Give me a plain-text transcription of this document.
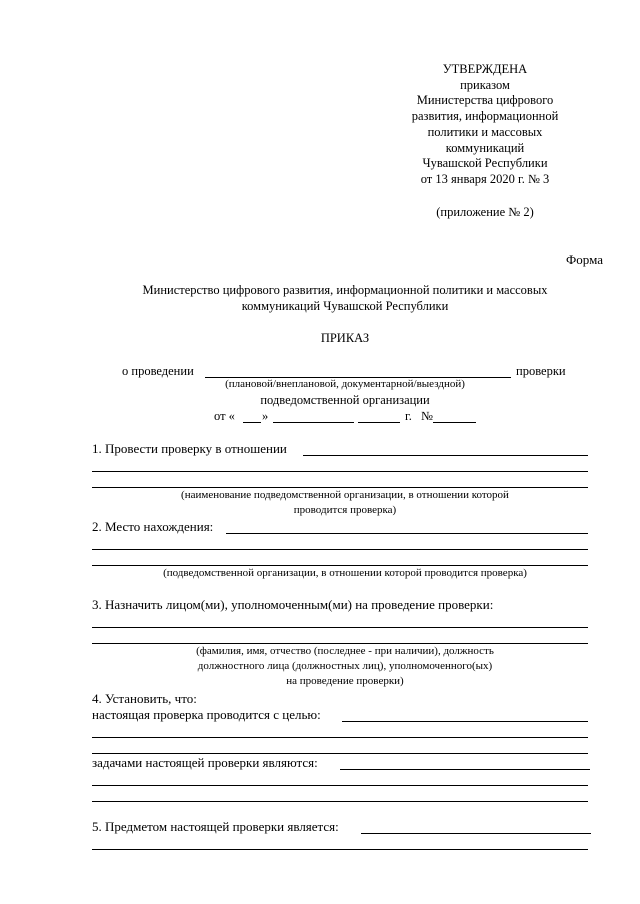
УТВЕРЖДЕНА
приказом
Министерства цифрового
развития, информационной
политики и массовых
коммуникаций
Чувашской Республики
от 13 января 2020 г. № 3
(приложение № 2)
Форма
Министерство цифрового развития, информационной политики и массовых
коммуникаций Чувашской Республики
ПРИКАЗ
о проведении	проверки
(плановой/внеплановой, документарной/выездной)
подведомственной организации
от « »	г. №
1. Провести проверку в отношении
(наименование подведомственной организации, в отношении которой
проводится проверка)
2. Место нахождения:
(подведомственной организации, в отношении которой проводится проверка)
3. Назначить лицом(ми), уполномоченным(ми) на проведение проверки:
(фамилия, имя, отчество (последнее - при наличии), должность
должностного лица (должностных лиц), уполномоченного(ых)
на проведение проверки)
4. Установить, что:
настоящая проверка проводится с целью:
задачами настоящей проверки являются:
5. Предметом настоящей проверки является:
